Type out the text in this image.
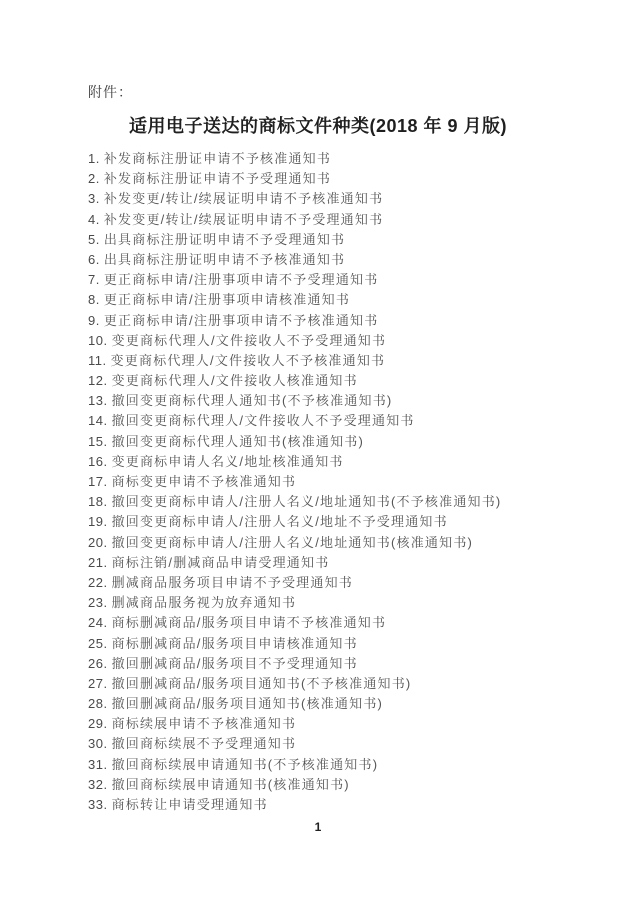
附件：
适用电子送达的商标文件种类(2018 年 9 月版)
1. 补发商标注册证申请不予核准通知书
2. 补发商标注册证申请不予受理通知书
3. 补发变更/转让/续展证明申请不予核准通知书
4. 补发变更/转让/续展证明申请不予受理通知书
5. 出具商标注册证明申请不予受理通知书
6. 出具商标注册证明申请不予核准通知书
7. 更正商标申请/注册事项申请不予受理通知书
8. 更正商标申请/注册事项申请核准通知书
9. 更正商标申请/注册事项申请不予核准通知书
10. 变更商标代理人/文件接收人不予受理通知书
11. 变更商标代理人/文件接收人不予核准通知书
12. 变更商标代理人/文件接收人核准通知书
13. 撤回变更商标代理人通知书(不予核准通知书)
14. 撤回变更商标代理人/文件接收人不予受理通知书
15. 撤回变更商标代理人通知书(核准通知书)
16. 变更商标申请人名义/地址核准通知书
17. 商标变更申请不予核准通知书
18. 撤回变更商标申请人/注册人名义/地址通知书(不予核准通知书)
19. 撤回变更商标申请人/注册人名义/地址不予受理通知书
20. 撤回变更商标申请人/注册人名义/地址通知书(核准通知书)
21. 商标注销/删减商品申请受理通知书
22. 删减商品服务项目申请不予受理通知书
23. 删减商品服务视为放弃通知书
24. 商标删减商品/服务项目申请不予核准通知书
25. 商标删减商品/服务项目申请核准通知书
26. 撤回删减商品/服务项目不予受理通知书
27. 撤回删减商品/服务项目通知书(不予核准通知书)
28. 撤回删减商品/服务项目通知书(核准通知书)
29. 商标续展申请不予核准通知书
30. 撤回商标续展不予受理通知书
31. 撤回商标续展申请通知书(不予核准通知书)
32. 撤回商标续展申请通知书(核准通知书)
33. 商标转让申请受理通知书
1
